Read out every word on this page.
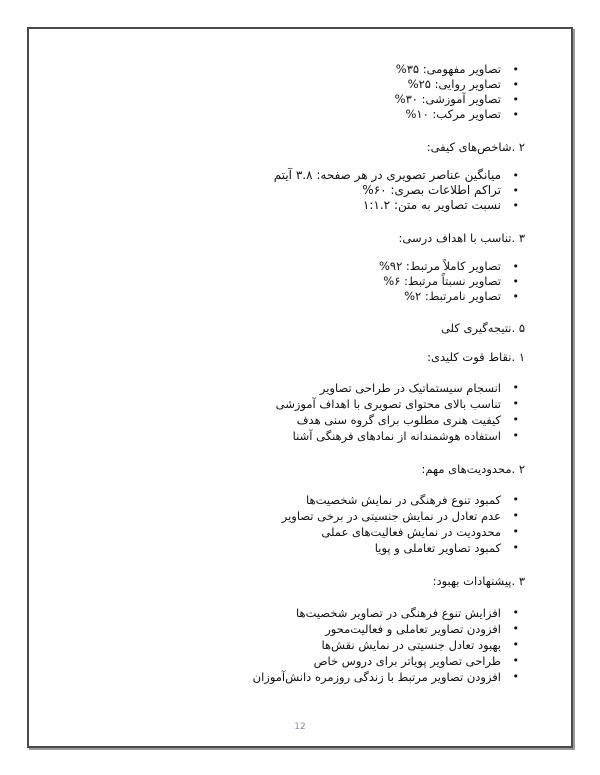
• تصاویر مفهومی: ۳۵%
• تصاویر روایی: ۲۵%
• تصاویر آموزشی: ۳۰%
• تصاویر مرکب: ۱۰%

۲ .شاخص‌های کیفی:

• میانگین عناصر تصویری در هر صفحه: ۳.۸ آیتم
• تراکم اطلاعات بصری: ۶۰%
• نسبت تصاویر به متن: ۱:۱.۲

۳ .تناسب با اهداف درسی:

• تصاویر کاملاً مرتبط: ۹۲%
• تصاویر نسبتاً مرتبط: ۶%
• تصاویر نامرتبط: ۲%

۵ .نتیجه‌گیری کلی

۱ .نقاط قوت کلیدی:

• انسجام سیستماتیک در طراحی تصاویر
• تناسب بالای محتوای تصویری با اهداف آموزشی
• کیفیت هنری مطلوب برای گروه سنی هدف
• استفاده هوشمندانه از نمادهای فرهنگی آشنا

۲ .محدودیت‌های مهم:

• کمبود تنوع فرهنگی در نمایش شخصیت‌ها
• عدم تعادل در نمایش جنسیتی در برخی تصاویر
• محدودیت در نمایش فعالیت‌های عملی
• کمبود تصاویر تعاملی و پویا

۳ .پیشنهادات بهبود:

• افزایش تنوع فرهنگی در تصاویر شخصیت‌ها
• افزودن تصاویر تعاملی و فعالیت‌محور
• بهبود تعادل جنسیتی در نمایش نقش‌ها
• طراحی تصاویر پویاتر برای دروس خاص
• افزودن تصاویر مرتبط با زندگی روزمره دانش‌آموزان
12
